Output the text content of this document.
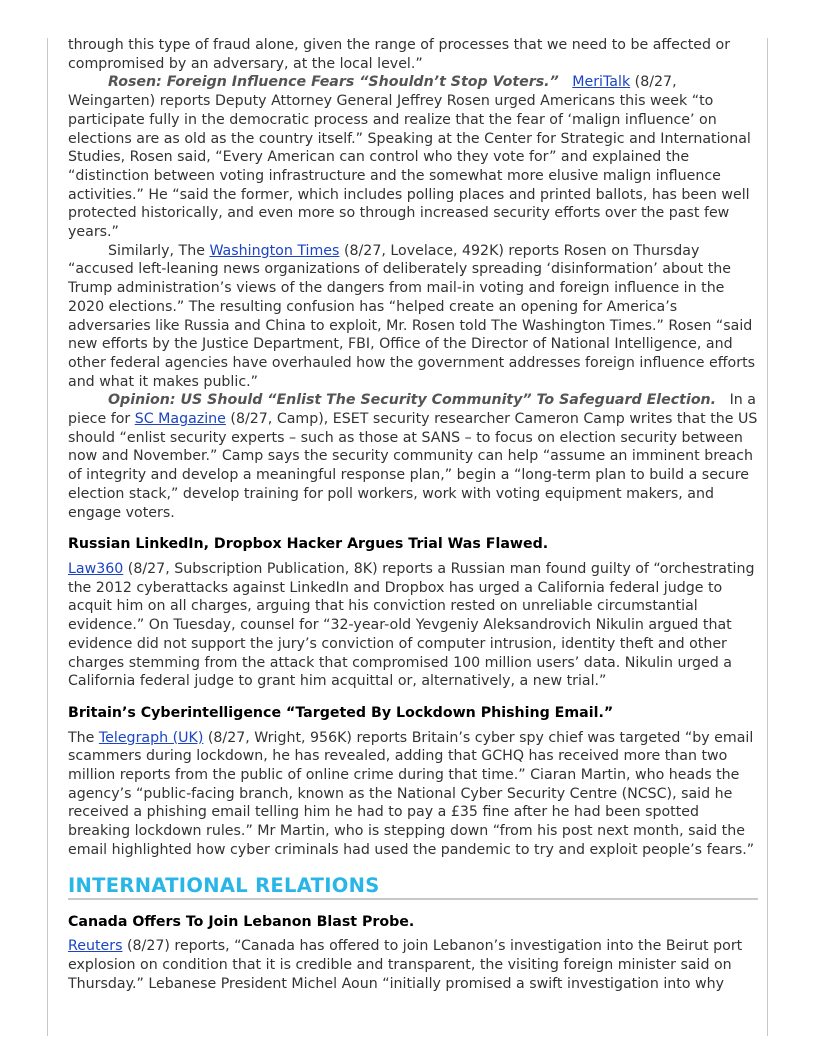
through this type of fraud alone, given the range of processes that we need to be affected or compromised by an adversary, at the local level.”

Rosen: Foreign Influence Fears “Shouldn’t Stop Voters.” MeriTalk (8/27, Weingarten) reports Deputy Attorney General Jeffrey Rosen urged Americans this week “to participate fully in the democratic process and realize that the fear of ‘malign influence’ on elections are as old as the country itself.” Speaking at the Center for Strategic and International Studies, Rosen said, “Every American can control who they vote for” and explained the “distinction between voting infrastructure and the somewhat more elusive malign influence activities.” He “said the former, which includes polling places and printed ballots, has been well protected historically, and even more so through increased security efforts over the past few years.”

Similarly, The Washington Times (8/27, Lovelace, 492K) reports Rosen on Thursday “accused left-leaning news organizations of deliberately spreading ‘disinformation’ about the Trump administration’s views of the dangers from mail-in voting and foreign influence in the 2020 elections.” The resulting confusion has “helped create an opening for America’s adversaries like Russia and China to exploit, Mr. Rosen told The Washington Times.” Rosen “said new efforts by the Justice Department, FBI, Office of the Director of National Intelligence, and other federal agencies have overhauled how the government addresses foreign influence efforts and what it makes public.”

Opinion: US Should “Enlist The Security Community” To Safeguard Election. In a piece for SC Magazine (8/27, Camp), ESET security researcher Cameron Camp writes that the US should “enlist security experts – such as those at SANS – to focus on election security between now and November.” Camp says the security community can help “assume an imminent breach of integrity and develop a meaningful response plan,” begin a “long-term plan to build a secure election stack,” develop training for poll workers, work with voting equipment makers, and engage voters.

Russian LinkedIn, Dropbox Hacker Argues Trial Was Flawed.

Law360 (8/27, Subscription Publication, 8K) reports a Russian man found guilty of “orchestrating the 2012 cyberattacks against LinkedIn and Dropbox has urged a California federal judge to acquit him on all charges, arguing that his conviction rested on unreliable circumstantial evidence.” On Tuesday, counsel for “32-year-old Yevgeniy Aleksandrovich Nikulin argued that evidence did not support the jury’s conviction of computer intrusion, identity theft and other charges stemming from the attack that compromised 100 million users’ data. Nikulin urged a California federal judge to grant him acquittal or, alternatively, a new trial.”

Britain’s Cyberintelligence “Targeted By Lockdown Phishing Email.”

The Telegraph (UK) (8/27, Wright, 956K) reports Britain’s cyber spy chief was targeted “by email scammers during lockdown, he has revealed, adding that GCHQ has received more than two million reports from the public of online crime during that time.” Ciaran Martin, who heads the agency’s “public-facing branch, known as the National Cyber Security Centre (NCSC), said he received a phishing email telling him he had to pay a £35 fine after he had been spotted breaking lockdown rules.” Mr Martin, who is stepping down “from his post next month, said the email highlighted how cyber criminals had used the pandemic to try and exploit people’s fears.”

INTERNATIONAL RELATIONS
Canada Offers To Join Lebanon Blast Probe.

Reuters (8/27) reports, “Canada has offered to join Lebanon’s investigation into the Beirut port explosion on condition that it is credible and transparent, the visiting foreign minister said on Thursday.” Lebanese President Michel Aoun “initially promised a swift investigation into why
